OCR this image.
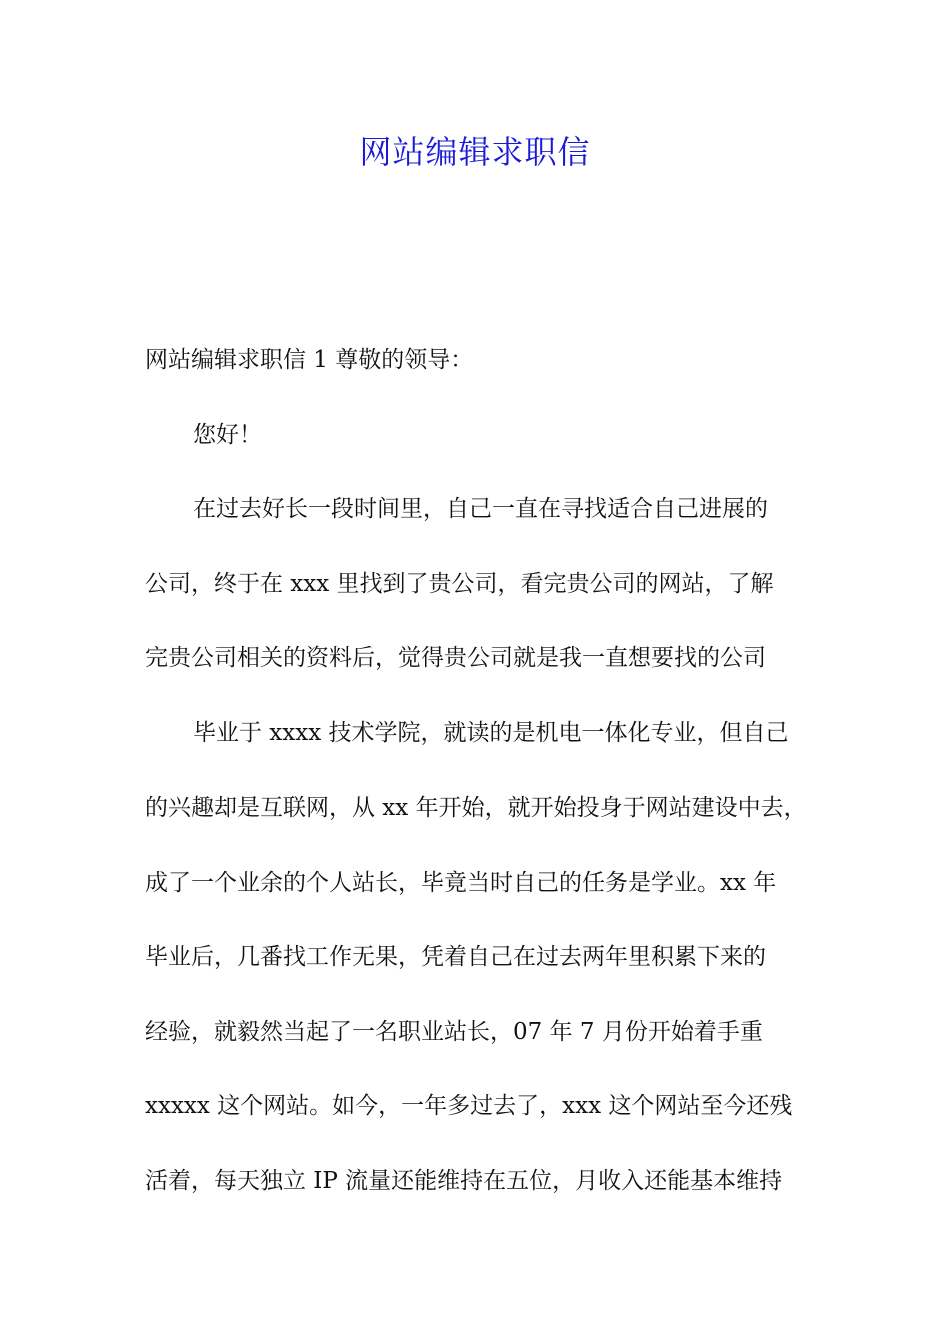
网站编辑求职信

网站编辑求职信 1 尊敬的领导：

您好！

在过去好长一段时间里，自己一直在寻找适合自己进展的

公司，终于在 xxx 里找到了贵公司，看完贵公司的网站，了解

完贵公司相关的资料后，觉得贵公司就是我一直想要找的公司

毕业于 xxxx 技术学院，就读的是机电一体化专业，但自己

的兴趣却是互联网，从 xx 年开始，就开始投身于网站建设中去，

成了一个业余的个人站长，毕竟当时自己的任务是学业。xx 年

毕业后，几番找工作无果，凭着自己在过去两年里积累下来的

经验，就毅然当起了一名职业站长，07 年 7 月份开始着手重

xxxxx 这个网站。如今，一年多过去了，xxx 这个网站至今还残

活着，每天独立 IP 流量还能维持在五位，月收入还能基本维持
